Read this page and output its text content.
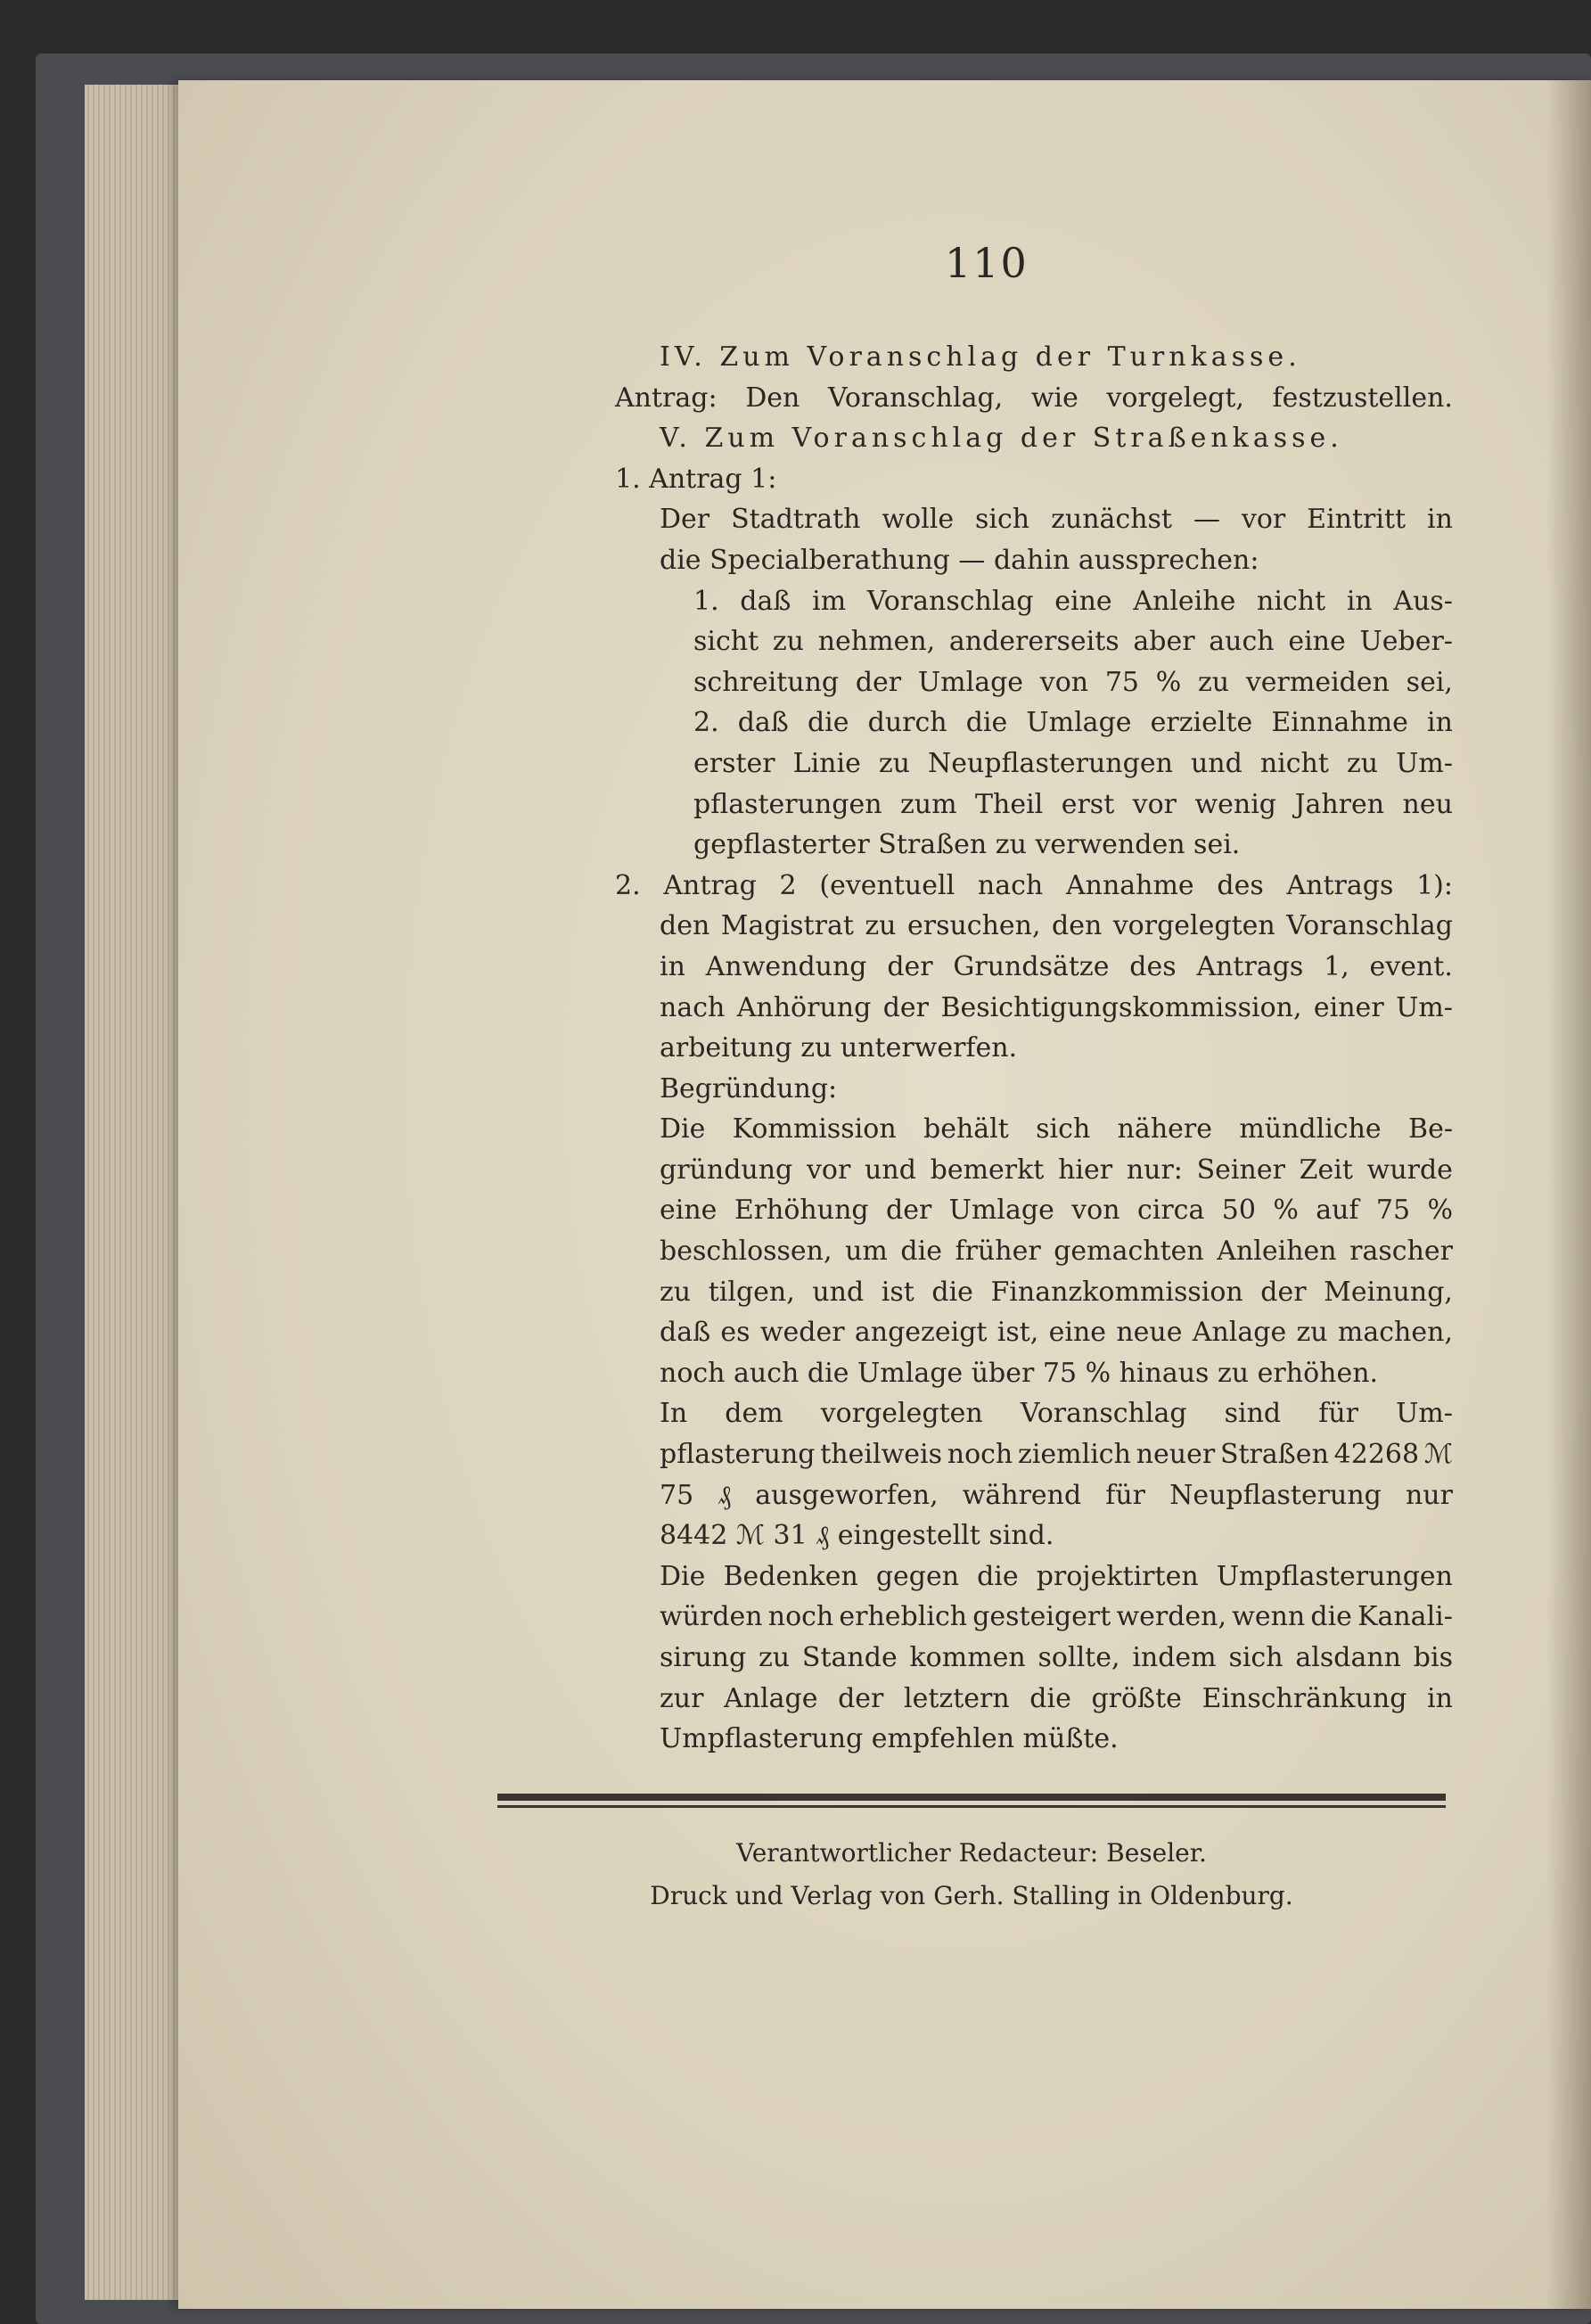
110
IV. Zum Voranschlag der Turnkasse.
Antrag: Den Voranschlag, wie vorgelegt, festzustellen.
V. Zum Voranschlag der Straßenkasse.
1. Antrag 1:
Der Stadtrath wolle sich zunächst — vor Eintritt in
die Specialberathung — dahin aussprechen:
1. daß im Voranschlag eine Anleihe nicht in Aus-
sicht zu nehmen, andererseits aber auch eine Ueber-
schreitung der Umlage von 75 % zu vermeiden sei,
2. daß die durch die Umlage erzielte Einnahme in
erster Linie zu Neupflasterungen und nicht zu Um-
pflasterungen zum Theil erst vor wenig Jahren neu
gepflasterter Straßen zu verwenden sei.
2. Antrag 2 (eventuell nach Annahme des Antrags 1):
den Magistrat zu ersuchen, den vorgelegten Voranschlag
in Anwendung der Grundsätze des Antrags 1, event.
nach Anhörung der Besichtigungskommission, einer Um-
arbeitung zu unterwerfen.
Begründung:
Die Kommission behält sich nähere mündliche Be-
gründung vor und bemerkt hier nur: Seiner Zeit wurde
eine Erhöhung der Umlage von circa 50 % auf 75 %
beschlossen, um die früher gemachten Anleihen rascher
zu tilgen, und ist die Finanzkommission der Meinung,
daß es weder angezeigt ist, eine neue Anlage zu machen,
noch auch die Umlage über 75 % hinaus zu erhöhen.
In dem vorgelegten Voranschlag sind für Um-
pflasterung theilweis noch ziemlich neuer Straßen 42268 ℳ
75 ₰ ausgeworfen, während für Neupflasterung nur
8442 ℳ 31 ₰ eingestellt sind.
Die Bedenken gegen die projektirten Umpflasterungen
würden noch erheblich gesteigert werden, wenn die Kanali-
sirung zu Stande kommen sollte, indem sich alsdann bis
zur Anlage der letztern die größte Einschränkung in
Umpflasterung empfehlen müßte.
Verantwortlicher Redacteur: Beseler.
Druck und Verlag von Gerh. Stalling in Oldenburg.
